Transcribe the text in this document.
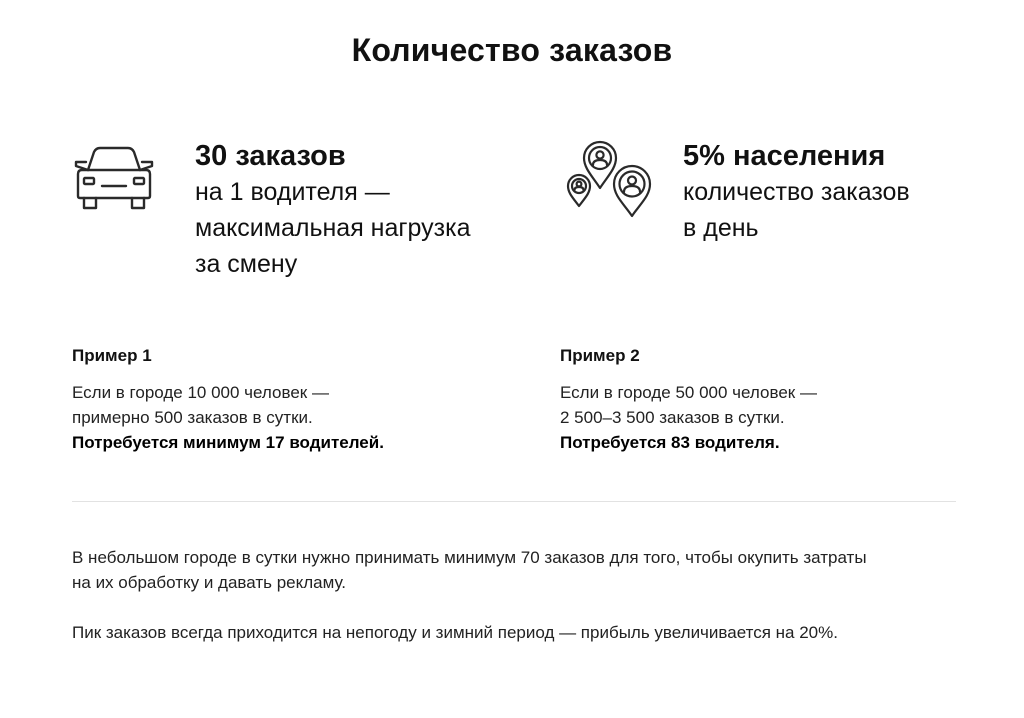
Количество заказов
30 заказов
на 1 водителя —
максимальная нагрузка
за смену
5% населения
количество заказов
в день
Пример 1
Если в городе 10 000 человек —
примерно 500 заказов в сутки.
Потребуется минимум 17 водителей.
Пример 2
Если в городе 50 000 человек —
2 500–3 500 заказов в сутки.
Потребуется 83 водителя.
В небольшом городе в сутки нужно принимать минимум 70 заказов для того, чтобы окупить затраты
на их обработку и давать рекламу.
Пик заказов всегда приходится на непогоду и зимний период — прибыль увеличивается на 20%.
